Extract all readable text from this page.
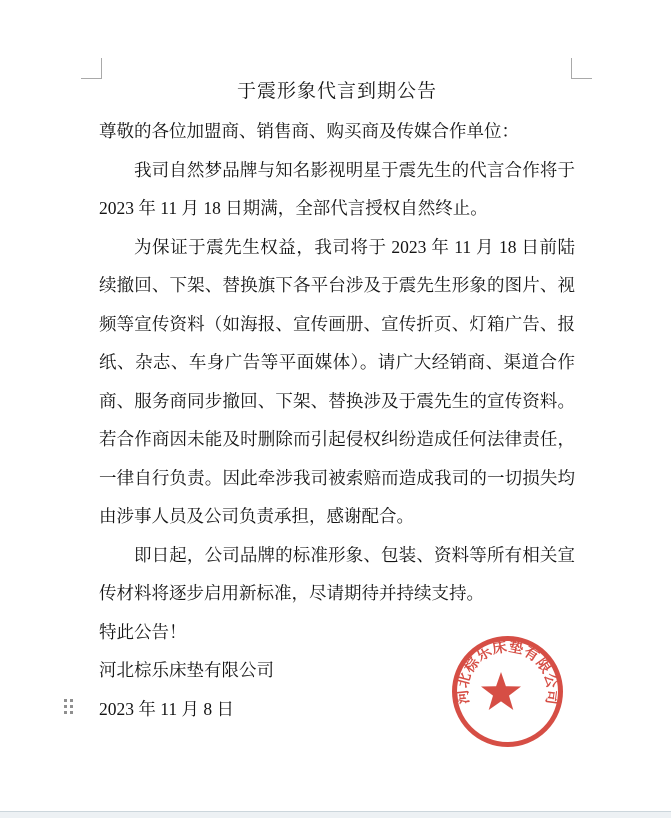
于震形象代言到期公告

尊敬的各位加盟商、销售商、购买商及传媒合作单位：

我司自然梦品牌与知名影视明星于震先生的代言合作将于 2023 年 11 月 18 日期满，全部代言授权自然终止。

为保证于震先生权益，我司将于 2023 年 11 月 18 日前陆续撤回、下架、替换旗下各平台涉及于震先生形象的图片、视频等宣传资料（如海报、宣传画册、宣传折页、灯箱广告、报纸、杂志、车身广告等平面媒体）。请广大经销商、渠道合作商、服务商同步撤回、下架、替换涉及于震先生的宣传资料。若合作商因未能及时删除而引起侵权纠纷造成任何法律责任，一律自行负责。因此牵涉我司被索赔而造成我司的一切损失均由涉事人员及公司负责承担，感谢配合。

即日起，公司品牌的标准形象、包装、资料等所有相关宣传材料将逐步启用新标准，尽请期待并持续支持。

特此公告！

河北棕乐床垫有限公司

2023 年 11 月 8 日

河北棕乐床垫有限公司
